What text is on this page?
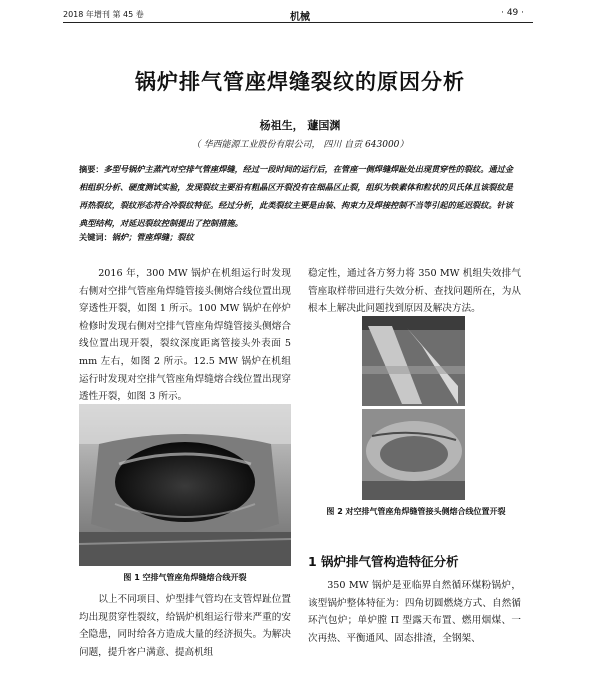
2018 年增刊 第 45 卷	机械	· 49 ·
锅炉排气管座焊缝裂纹的原因分析
杨祖生， 蘧国渊
（ 华西能源工业股份有限公司， 四川 自贡 643000）
摘要：多型号锅炉主蒸汽对空排气管座焊缝，经过一段时间的运行后，在管座一侧焊缝焊趾处出现贯穿性的裂纹。通过金相组织分析、硬度测试实验，发现裂纹主要沿有粗晶区开裂没有在细晶区止裂，组织为铁素体和粒状的贝氏体且该裂纹是再热裂纹，裂纹形态符合冷裂纹特征。经过分析，此类裂纹主要是由装、拘束力及焊接控制不当等引起的延迟裂纹。针该典型结构，对延迟裂纹控制提出了控制措施。
关键词：锅炉；管座焊缝；裂纹
2016 年，300 MW 锅炉在机组运行时发现右侧对空排气管座角焊缝管接头侧熔合线位置出现穿透性开裂，如图 1 所示。100 MW 锅炉在停炉检修时发现右侧对空排气管座角焊缝管接头侧熔合线位置出现开裂，裂纹深度距离管接头外表面 5 mm 左右，如图 2 所示。12.5 MW 锅炉在机组运行时发现对空排气管座角焊缝熔合线位置出现穿透性开裂，如图 3 所示。
图 1 空排气管座角焊缝熔合线开裂
以上不同项目、炉型排气管均在支管焊趾位置均出现贯穿性裂纹，给锅炉机组运行带来严重的安全隐患，同时给各方造成大量的经济损失。为解决问题，提升客户满意、提高机组
稳定性，通过各方努力将 350 MW 机组失效排气管座取样带回进行失效分析、查找问题所在，为从根本上解决此问题找到原因及解决方法。
图 2 对空排气管座角焊缝管接头侧熔合线位置开裂
1 锅炉排气管构造特征分析
350 MW 锅炉是亚临界自然循环煤粉锅炉，该型锅炉整体特征为：四角切圆燃烧方式、自然循环汽包炉；单炉膛 Π 型露天布置、燃用烟煤、一次再热、平衡通风、固态排渣，全钢架、
